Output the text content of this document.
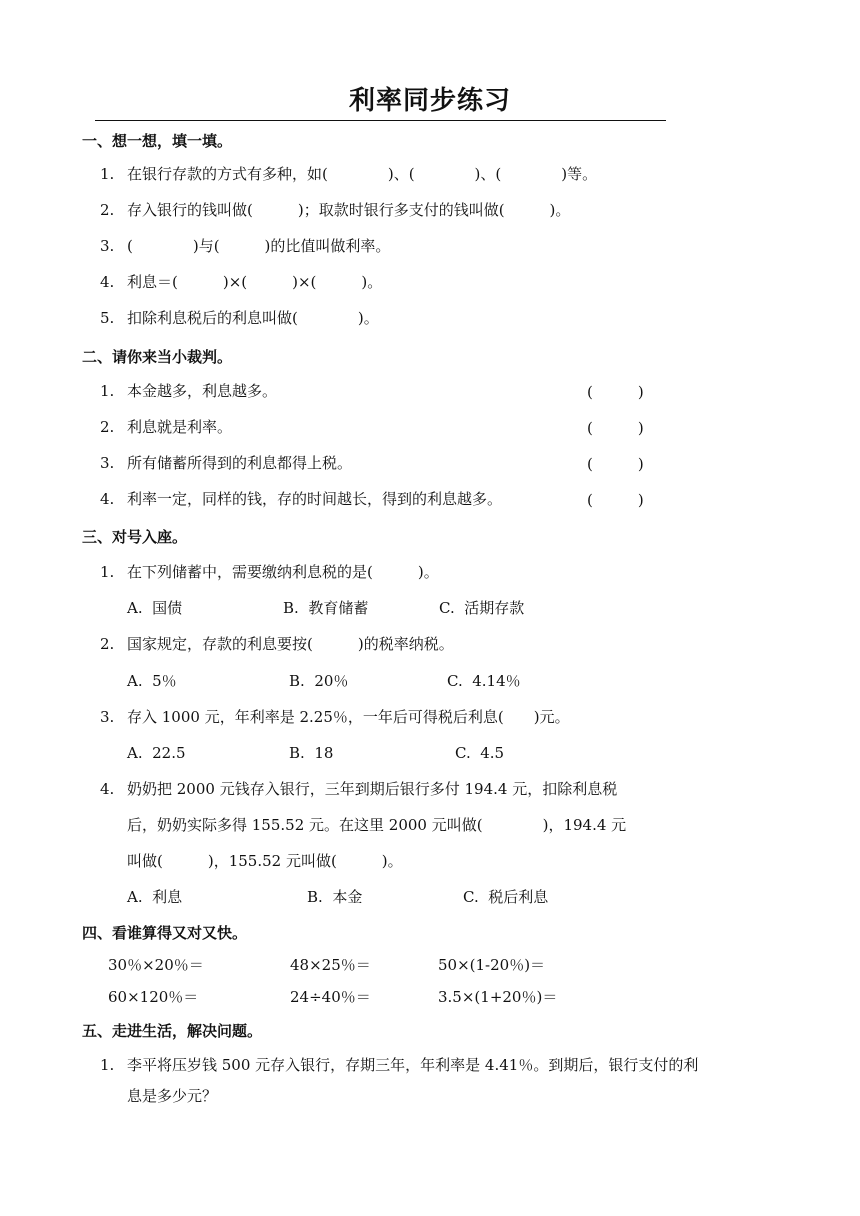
利率同步练习
一、想一想，填一填。
1. 在银行存款的方式有多种，如(　　　　)、(　　　　)、(　　　　)等。
2. 存入银行的钱叫做(　　　)；取款时银行多支付的钱叫做(　　　)。
3. (　　　　)与(　　　)的比值叫做利率。
4. 利息＝(　　　)×(　　　)×(　　　)。
5. 扣除利息税后的利息叫做(　　　　)。
二、请你来当小裁判。
1. 本金越多，利息越多。	(　　　)
2. 利息就是利率。	(　　　)
3. 所有储蓄所得到的利息都得上税。	(　　　)
4. 利率一定，同样的钱，存的时间越长，得到的利息越多。	(　　　)
三、对号入座。
1. 在下列储蓄中，需要缴纳利息税的是(　　　)。
A.  国债	B.  教育储蓄	C.  活期存款
2. 国家规定，存款的利息要按(　　　)的税率纳税。
A.  5％	B.  20％	C.  4.14％
3. 存入 1000 元，年利率是 2.25％，一年后可得税后利息(　　)元。
A.  22.5	B.  18	C.  4.5
4. 奶奶把 2000 元钱存入银行，三年到期后银行多付 194.4 元，扣除利息税
后，奶奶实际多得 155.52 元。在这里 2000 元叫做(　　　　)，194.4 元
叫做(　　　)，155.52 元叫做(　　　)。
A.  利息	B.  本金	C.  税后利息
四、看谁算得又对又快。
30％×20％＝	48×25％＝	50×(1-20％)＝
60×120％＝	24÷40％＝	3.5×(1+20％)＝
五、走进生活，解决问题。
1. 李平将压岁钱 500 元存入银行，存期三年，年利率是 4.41％。到期后，银行支付的利
息是多少元？
